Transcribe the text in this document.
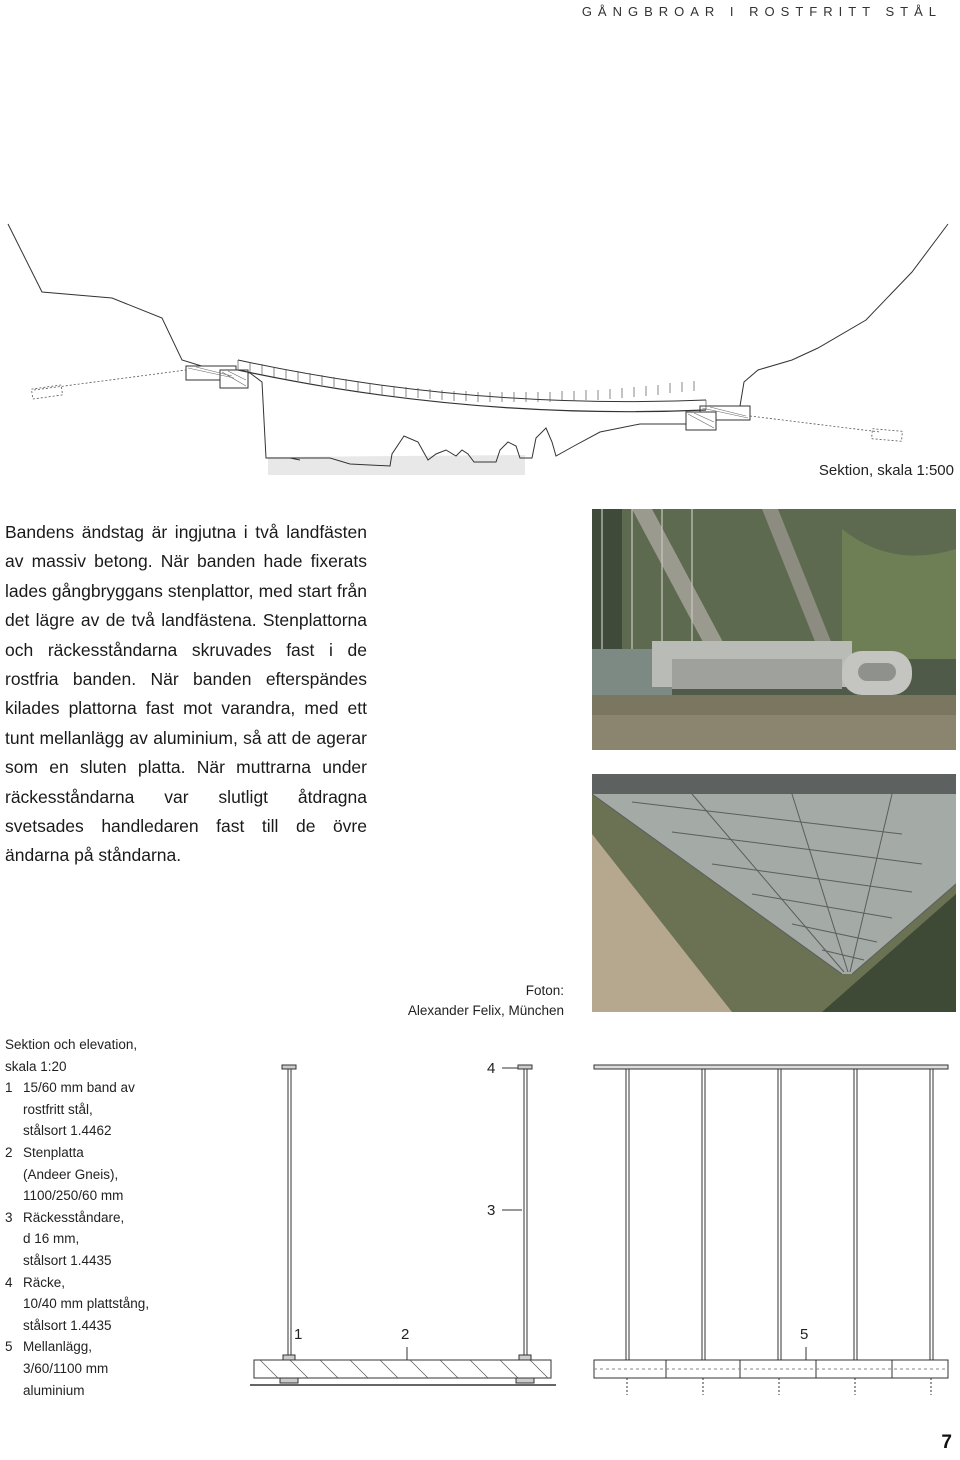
GÅNGBROAR I ROSTFRITT STÅL
Sektion, skala 1:500

Bandens ändstag är ingjutna i två landfästen av massiv betong. När banden hade fixerats lades gångbryggans stenplattor, med start från det lägre av de två landfästena. Stenplattorna och räckesståndarna skruvades fast i de rostfria banden. När banden efterspändes kilades plattorna fast mot varandra, med ett tunt mellanlägg av aluminium, så att de agerar som en sluten platta. När muttrarna under räckesståndarna var slutligt åtdragna svetsades handledaren fast till de övre ändarna på ståndarna.

Foton:
Alexander Felix, München
Sektion och elevation,
skala 1:20
1 15/60 mm band av
rostfritt stål,
stålsort 1.4462
2 Stenplatta
(Andeer Gneis),
1100/250/60 mm
3 Räckesståndare,
d 16 mm,
stålsort 1.4435
4 Räcke,
10/40 mm plattstång,
stålsort 1.4435
5 Mellanlägg,
3/60/1100 mm
aluminium
4
3
1	2	5
7
